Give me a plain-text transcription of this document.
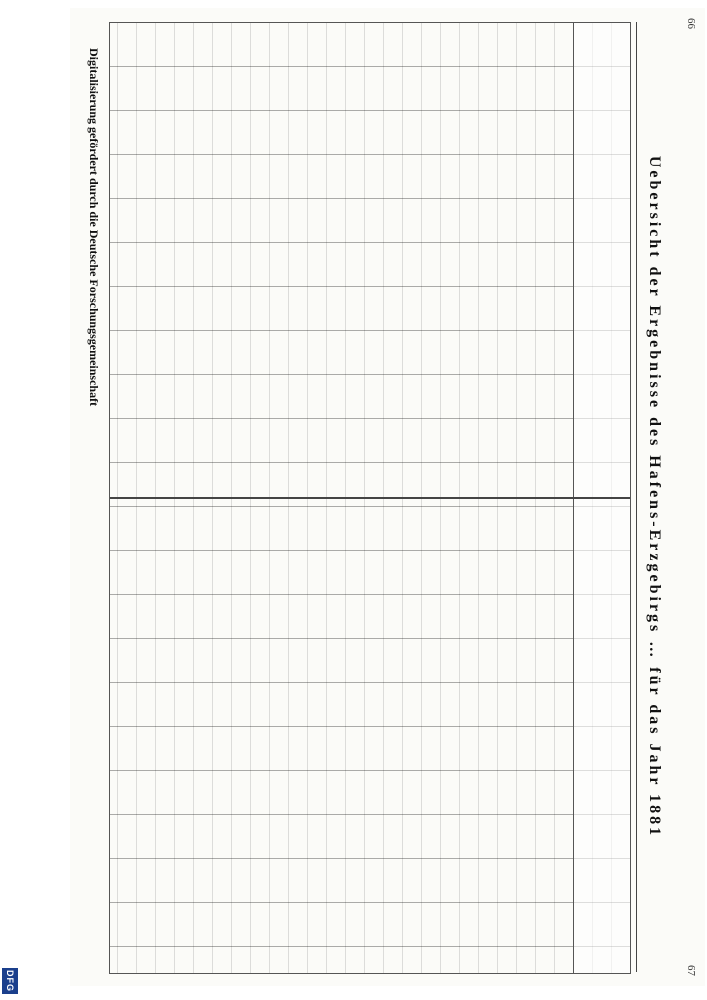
66
67
Uebersicht der Ergebnisse des Hafens-Erzgebirgs … für das Jahr 1881
Digitalisierung gefördert durch die Deutsche Forschungsgemeinschaft
DFG
